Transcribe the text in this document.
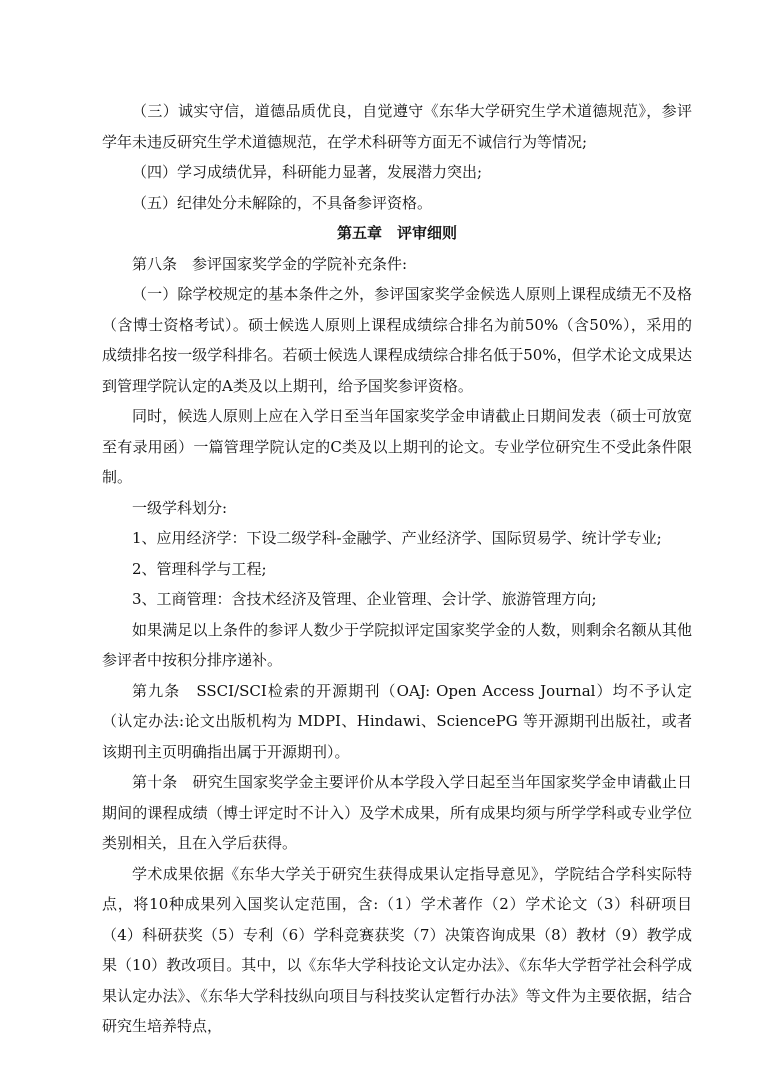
（三）诚实守信，道德品质优良，自觉遵守《东华大学研究生学术道德规范》，参评学年未违反研究生学术道德规范，在学术科研等方面无不诚信行为等情况;

（四）学习成绩优异，科研能力显著，发展潜力突出;

（五）纪律处分未解除的，不具备参评资格。

第五章　评审细则

第八条　参评国家奖学金的学院补充条件:

（一）除学校规定的基本条件之外，参评国家奖学金候选人原则上课程成绩无不及格（含博士资格考试）。硕士候选人原则上课程成绩综合排名为前50%（含50%），采用的成绩排名按一级学科排名。若硕士候选人课程成绩综合排名低于50%，但学术论文成果达到管理学院认定的A类及以上期刊，给予国奖参评资格。

同时，候选人原则上应在入学日至当年国家奖学金申请截止日期间发表（硕士可放宽至有录用函）一篇管理学院认定的C类及以上期刊的论文。专业学位研究生不受此条件限制。

一级学科划分:

1、应用经济学：下设二级学科-金融学、产业经济学、国际贸易学、统计学专业;

2、管理科学与工程;

3、工商管理：含技术经济及管理、企业管理、会计学、旅游管理方向;

如果满足以上条件的参评人数少于学院拟评定国家奖学金的人数，则剩余名额从其他参评者中按积分排序递补。

第九条　SSCI/SCI检索的开源期刊（OAJ: Open Access Journal）均不予认定（认定办法:论文出版机构为 MDPI、Hindawi、SciencePG 等开源期刊出版社，或者该期刊主页明确指出属于开源期刊）。

第十条　研究生国家奖学金主要评价从本学段入学日起至当年国家奖学金申请截止日期间的课程成绩（博士评定时不计入）及学术成果，所有成果均须与所学学科或专业学位类别相关，且在入学后获得。

学术成果依据《东华大学关于研究生获得成果认定指导意见》，学院结合学科实际特点，将10种成果列入国奖认定范围，含:（1）学术著作（2）学术论文（3）科研项目（4）科研获奖（5）专利（6）学科竞赛获奖（7）决策咨询成果（8）教材（9）教学成果（10）教改项目。其中，以《东华大学科技论文认定办法》、《东华大学哲学社会科学成果认定办法》、《东华大学科技纵向项目与科技奖认定暂行办法》等文件为主要依据，结合研究生培养特点，
